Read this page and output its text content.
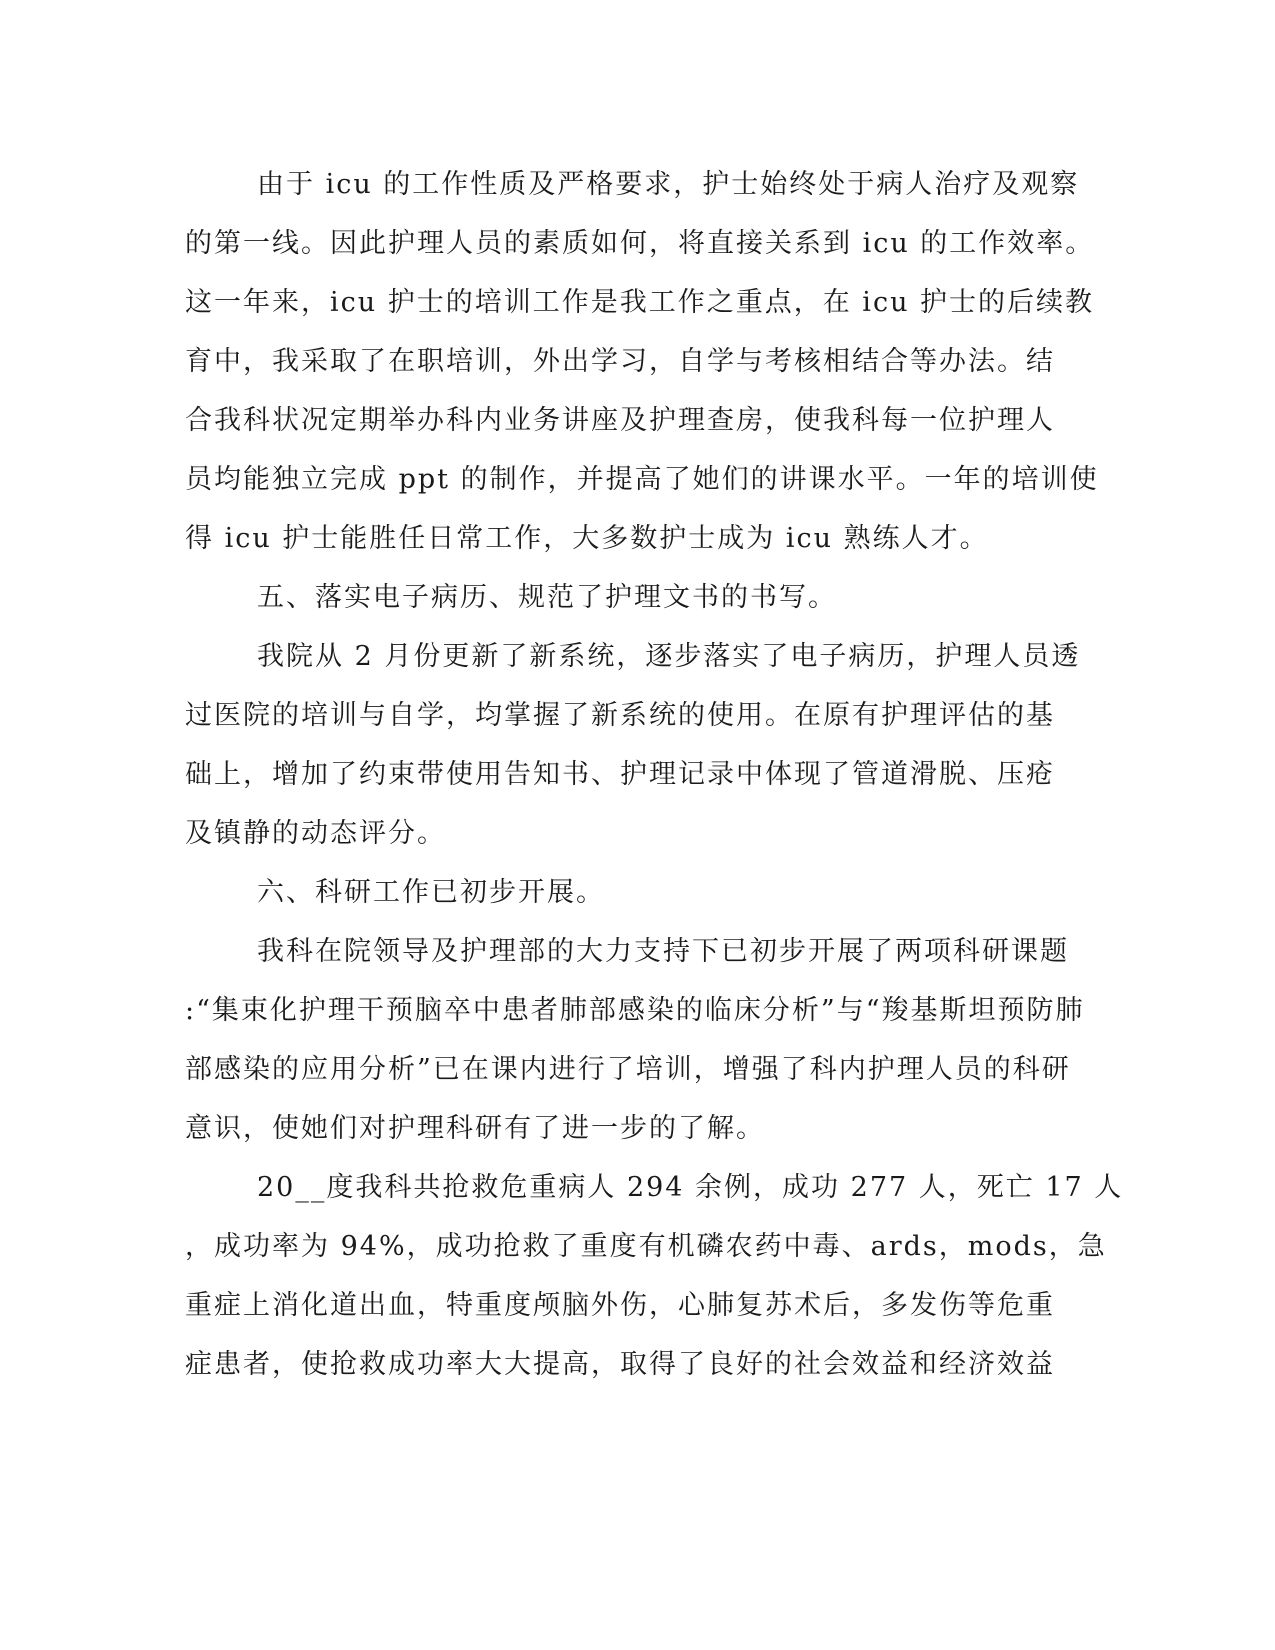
由于 icu 的工作性质及严格要求，护士始终处于病人治疗及观察
的第一线。因此护理人员的素质如何，将直接关系到 icu 的工作效率。
这一年来，icu 护士的培训工作是我工作之重点，在 icu 护士的后续教
育中，我采取了在职培训，外出学习，自学与考核相结合等办法。结
合我科状况定期举办科内业务讲座及护理查房，使我科每一位护理人
员均能独立完成 ppt 的制作，并提高了她们的讲课水平。一年的培训使
得 icu 护士能胜任日常工作，大多数护士成为 icu 熟练人才。
五、落实电子病历、规范了护理文书的书写。
我院从 2 月份更新了新系统，逐步落实了电子病历，护理人员透
过医院的培训与自学，均掌握了新系统的使用。在原有护理评估的基
础上，增加了约束带使用告知书、护理记录中体现了管道滑脱、压疮
及镇静的动态评分。
六、科研工作已初步开展。
我科在院领导及护理部的大力支持下已初步开展了两项科研课题
:“集束化护理干预脑卒中患者肺部感染的临床分析”与“羧基斯坦预防肺
部感染的应用分析”已在课内进行了培训，增强了科内护理人员的科研
意识，使她们对护理科研有了进一步的了解。
20__度我科共抢救危重病人 294 余例，成功 277 人，死亡 17 人
，成功率为 94%，成功抢救了重度有机磷农药中毒、ards，mods，急
重症上消化道出血，特重度颅脑外伤，心肺复苏术后，多发伤等危重
症患者，使抢救成功率大大提高，取得了良好的社会效益和经济效益
